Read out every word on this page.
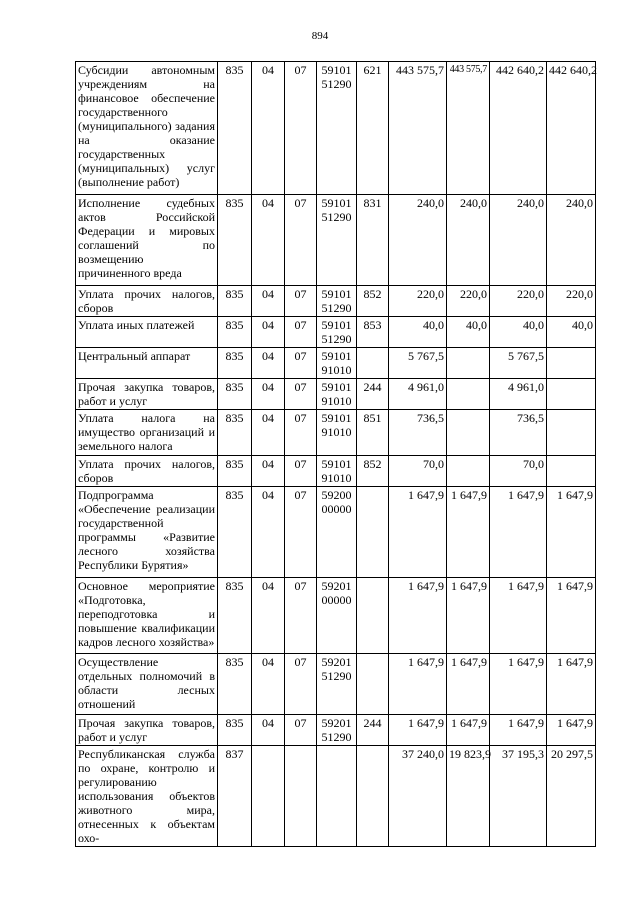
894
Субсидии автономным учреждениям на финансовое обеспечение государственного (муниципального) задания на оказание государственных (муниципальных) услуг (выполнение работ)	835	04	07	59101 51290	621	443 575,7	443 575,7	442 640,2	442 640,2
Исполнение судебных актов Российской Федерации и мировых соглашений по возмещению причиненного вреда	835	04	07	59101 51290	831	240,0	240,0	240,0	240,0
Уплата прочих налогов, сборов	835	04	07	59101 51290	852	220,0	220,0	220,0	220,0
Уплата иных платежей	835	04	07	59101 51290	853	40,0	40,0	40,0	40,0
Центральный аппарат	835	04	07	59101 91010		5 767,5		5 767,5	
Прочая закупка товаров, работ и услуг	835	04	07	59101 91010	244	4 961,0		4 961,0	
Уплата налога на имущество организаций и земельного налога	835	04	07	59101 91010	851	736,5		736,5	
Уплата прочих налогов, сборов	835	04	07	59101 91010	852	70,0		70,0	
Подпрограмма «Обеспечение реализации государственной программы «Развитие лесного хозяйства Республики Бурятия»	835	04	07	59200 00000		1 647,9	1 647,9	1 647,9	1 647,9
Основное мероприятие «Подготовка, переподготовка и повышение квалификации кадров лесного хозяйства»	835	04	07	59201 00000		1 647,9	1 647,9	1 647,9	1 647,9
Осуществление отдельных полномочий в области лесных отношений	835	04	07	59201 51290		1 647,9	1 647,9	1 647,9	1 647,9
Прочая закупка товаров, работ и услуг	835	04	07	59201 51290	244	1 647,9	1 647,9	1 647,9	1 647,9
Республиканская служба по охране, контролю и регулированию использования объектов животного мира, отнесенных к объектам охо-	837					37 240,0	19 823,9	37 195,3	20 297,5
